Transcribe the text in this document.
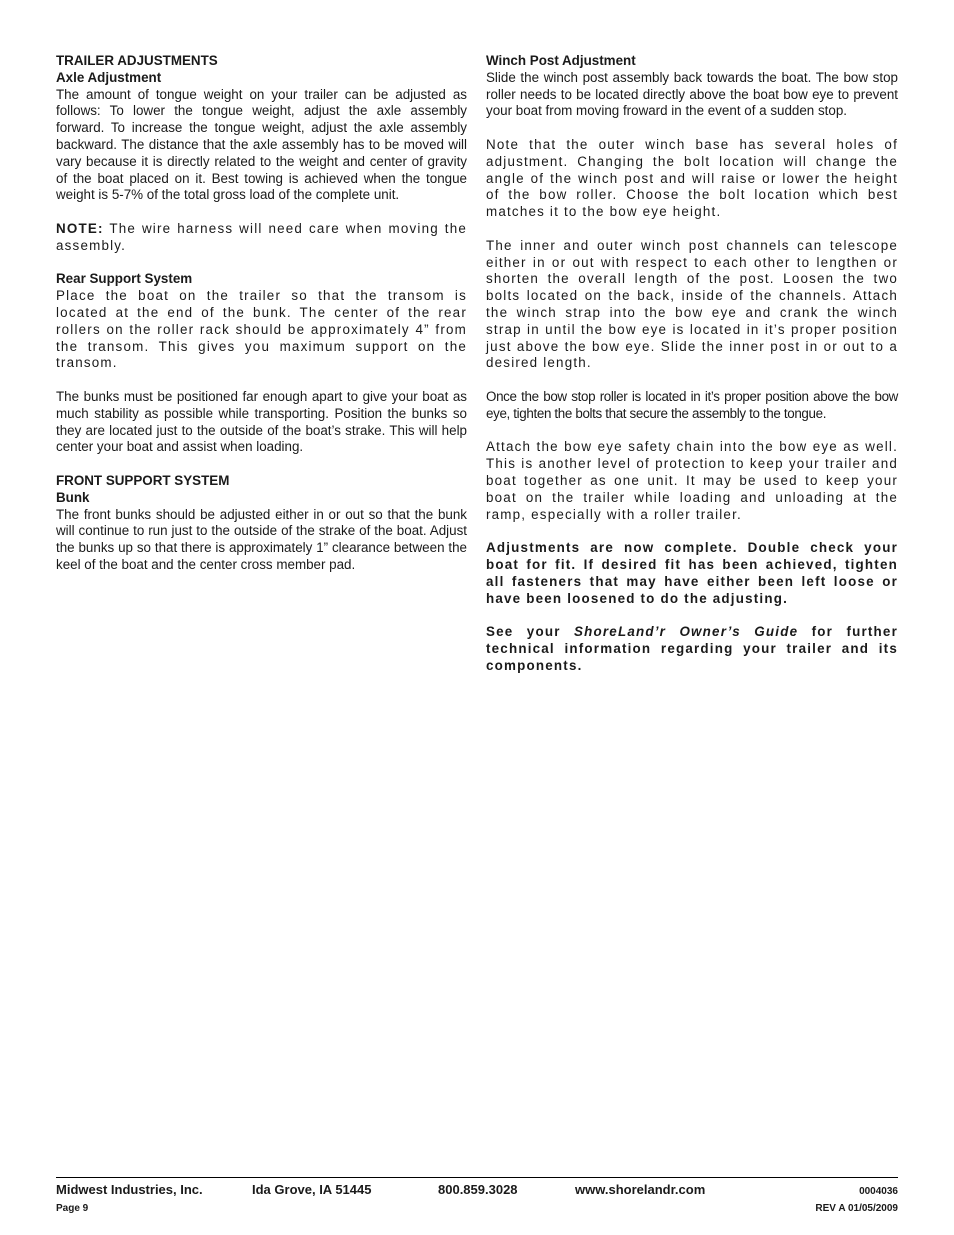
TRAILER ADJUSTMENTS

Axle Adjustment

The amount of tongue weight on your trailer can be adjusted as follows: To lower the tongue weight, adjust the axle assembly forward. To increase the tongue weight, adjust the axle assembly backward. The distance that the axle assembly has to be moved will vary because it is directly related to the weight and center of gravity of the boat placed on it. Best towing is achieved when the tongue weight is 5-7% of the total gross load of the complete unit.

NOTE: The wire harness will need care when moving the assembly.

Rear Support System

Place the boat on the trailer so that the transom is located at the end of the bunk. The center of the rear rollers on the roller rack should be approximately 4” from the transom. This gives you maximum support on the transom.

The bunks must be positioned far enough apart to give your boat as much stability as possible while transporting. Position the bunks so they are located just to the outside of the boat’s strake. This will help center your boat and assist when loading.

FRONT SUPPORT SYSTEM

Bunk

The front bunks should be adjusted either in or out so that the bunk will continue to run just to the outside of the strake of the boat. Adjust the bunks up so that there is approximately 1” clearance between the keel of the boat and the center cross member pad.

Winch Post Adjustment

Slide the winch post assembly back towards the boat. The bow stop roller needs to be located directly above the boat bow eye to prevent your boat from moving froward in the event of a sudden stop.

Note that the outer winch base has several holes of adjustment. Changing the bolt location will change the angle of the winch post and will raise or lower the height of the bow roller. Choose the bolt location which best matches it to the bow eye height.

The inner and outer winch post channels can telescope either in or out with respect to each other to lengthen or shorten the overall length of the post. Loosen the two bolts located on the back, inside of the channels. Attach the winch strap into the bow eye and crank the winch strap in until the bow eye is located in it’s proper position just above the bow eye. Slide the inner post in or out to a desired length.

Once the bow stop roller is located in it’s proper position above the bow eye, tighten the bolts that secure the assembly to the tongue.

Attach the bow eye safety chain into the bow eye as well. This is another level of protection to keep your trailer and boat together as one unit. It may be used to keep your boat on the trailer while loading and unloading at the ramp, especially with a roller trailer.

Adjustments are now complete. Double check your boat for fit. If desired fit has been achieved, tighten all fasteners that may have either been left loose or have been loosened to do the adjusting.

See your ShoreLand’r Owner’s Guide for further technical information regarding your trailer and its components.

Midwest Industries, Inc.	Ida Grove, IA 51445	800.859.3028	www.shorelandr.com	0004036
Page 9	REV A 01/05/2009
